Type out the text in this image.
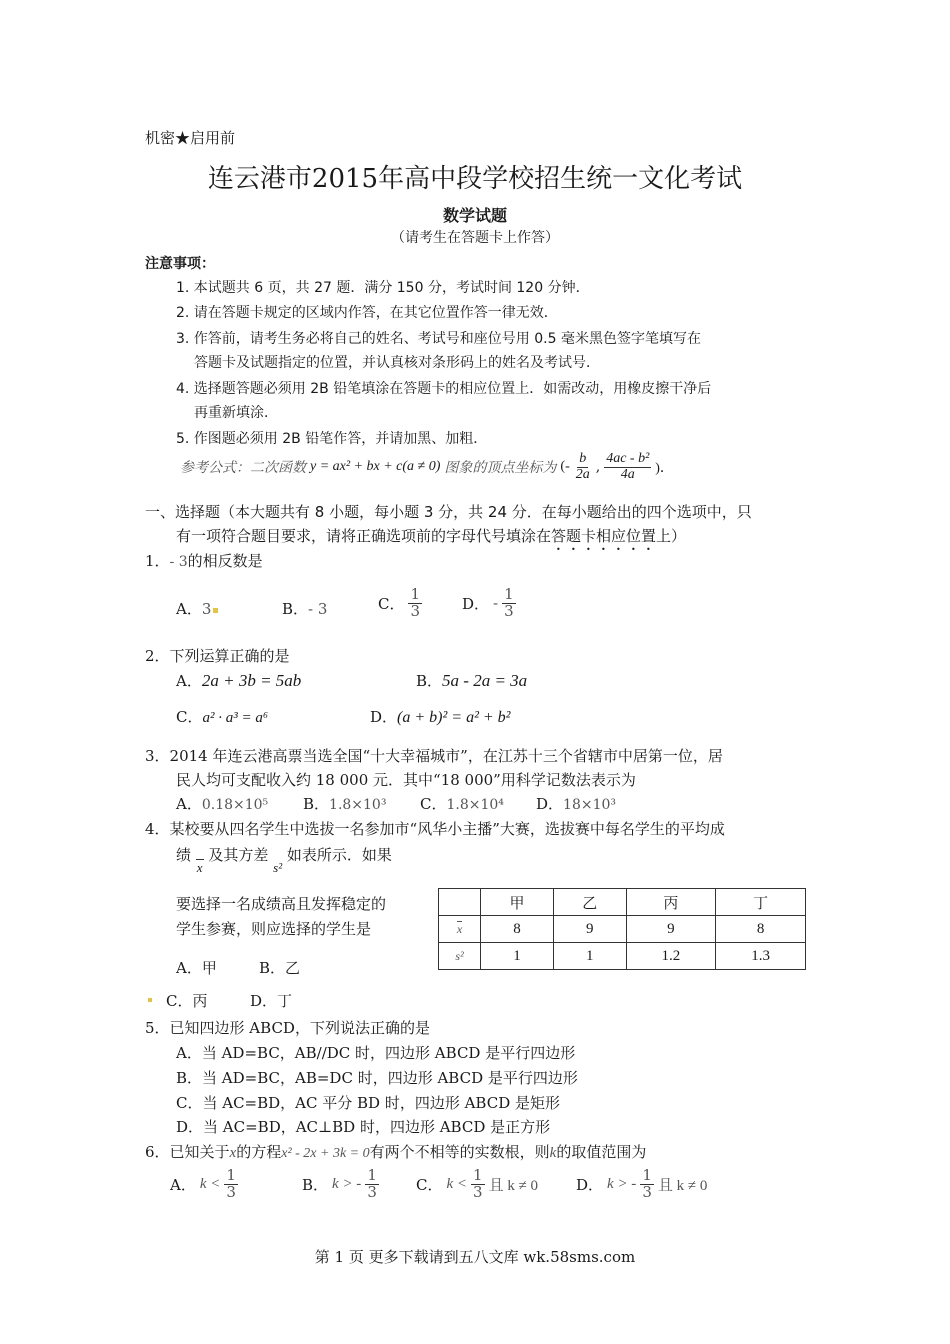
机密★启用前
连云港市2015年高中段学校招生统一文化考试
数学试题
（请考生在答题卡上作答）
注意事项：
1. 本试题共 6 页，共 27 题．满分 150 分，考试时间 120 分钟．
2. 请在答题卡规定的区域内作答，在其它位置作答一律无效．
3. 作答前，请考生务必将自己的姓名、考试号和座位号用 0.5 毫米黑色签字笔填写在
答题卡及试题指定的位置，并认真核对条形码上的姓名及考试号．
4. 选择题答题必须用 2B 铅笔填涂在答题卡的相应位置上．如需改动，用橡皮擦干净后
再重新填涂．
5. 作图题必须用 2B 铅笔作答，并请加黑、加粗．
参考公式：二次函数 y = ax² + bx + c(a ≠ 0) 图象的顶点坐标为 (- $\frac{b}{2a}$ , $\frac{\text{4ac - b²}}{4a}$ )．
一、选择题（本大题共有 8 小题，每小题 3 分，共 24 分．在每小题给出的四个选项中，只
有一项符合题目要求，请将正确选项前的字母代号填涂在答题卡相应位置上）
1．- 3的相反数是
A．3	B．- 3	C． $\frac{1}{3}$	D． - $\frac{1}{3}$
2．下列运算正确的是
A．2a + 3b = 5ab	B．5a - 2a = 3a
C．a² · a³ = a⁶	D．(a + b)² = a² + b²
3．2014 年连云港高票当选全国“十大幸福城市”，在江苏十三个省辖市中居第一位，居
民人均可支配收入约 18 000 元．其中“18 000”用科学记数法表示为
A．0.18×10⁵ B．1.8×10³ C．1.8×10⁴ D．18×10³
4．某校要从四名学生中选拔一名参加市“风华小主播”大赛，选拔赛中每名学生的平均成
绩 x 及其方差 s² 如表所示．如果
要选择一名成绩高且发挥稳定的
学生参赛，则应选择的学生是
A．甲	B．乙
C．丙	D．丁
	甲	乙	丙	丁
x	8	9	9	8
s²	1	1	1.2	1.3
5．已知四边形 ABCD，下列说法正确的是
A．当 AD=BC，AB//DC 时，四边形 ABCD 是平行四边形
B．当 AD=BC，AB=DC 时，四边形 ABCD 是平行四边形
C．当 AC=BD，AC 平分 BD 时，四边形 ABCD 是矩形
D．当 AC=BD，AC⊥BD 时，四边形 ABCD 是正方形
6．已知关于x的方程x² - 2x + 3k = 0有两个不相等的实数根，则k的取值范围为
A． $k < \frac{1}{3}$	B． k > - $\frac{1}{3}$ C． $k < \frac{1}{3}$ 且 k ≠ 0	D． k > - $\frac{1}{3}$ 且 k ≠ 0
第 1 页 更多下载请到五八文库 wk.58sms.com
